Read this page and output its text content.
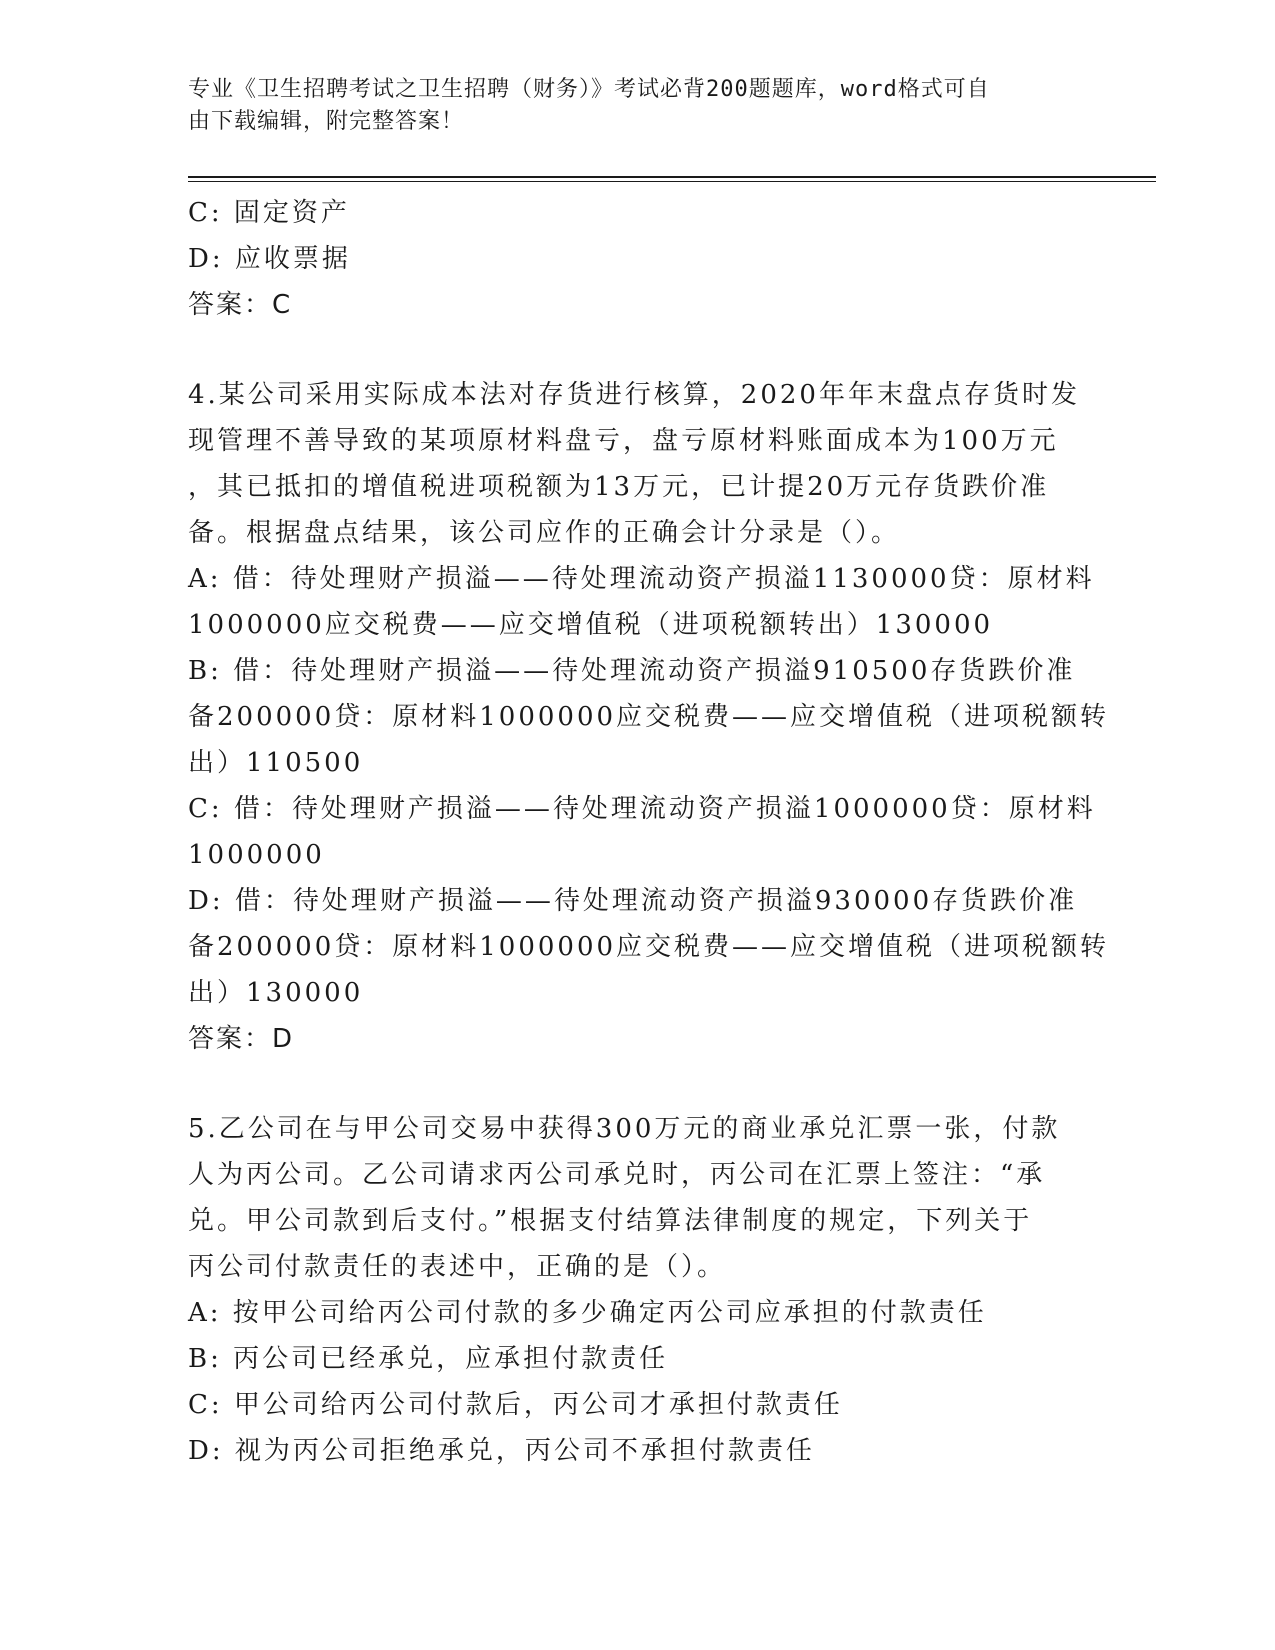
专业《卫生招聘考试之卫生招聘（财务）》考试必背200题题库，word格式可自
由下载编辑，附完整答案！
C: 固定资产
D: 应收票据
答案：C
4.某公司采用实际成本法对存货进行核算，2020年年末盘点存货时发
现管理不善导致的某项原材料盘亏，盘亏原材料账面成本为100万元
，其已抵扣的增值税进项税额为13万元，已计提20万元存货跌价准
备。根据盘点结果，该公司应作的正确会计分录是（）。
A: 借：待处理财产损溢——待处理流动资产损溢1130000贷：原材料
1000000应交税费——应交增值税（进项税额转出）130000
B: 借：待处理财产损溢——待处理流动资产损溢910500存货跌价准
备200000贷：原材料1000000应交税费——应交增值税（进项税额转
出）110500
C: 借：待处理财产损溢——待处理流动资产损溢1000000贷：原材料
1000000
D: 借：待处理财产损溢——待处理流动资产损溢930000存货跌价准
备200000贷：原材料1000000应交税费——应交增值税（进项税额转
出）130000
答案：D
5.乙公司在与甲公司交易中获得300万元的商业承兑汇票一张，付款
人为丙公司。乙公司请求丙公司承兑时，丙公司在汇票上签注：“承
兑。甲公司款到后支付。”根据支付结算法律制度的规定，下列关于
丙公司付款责任的表述中，正确的是（）。
A: 按甲公司给丙公司付款的多少确定丙公司应承担的付款责任
B: 丙公司已经承兑，应承担付款责任
C: 甲公司给丙公司付款后，丙公司才承担付款责任
D: 视为丙公司拒绝承兑，丙公司不承担付款责任
